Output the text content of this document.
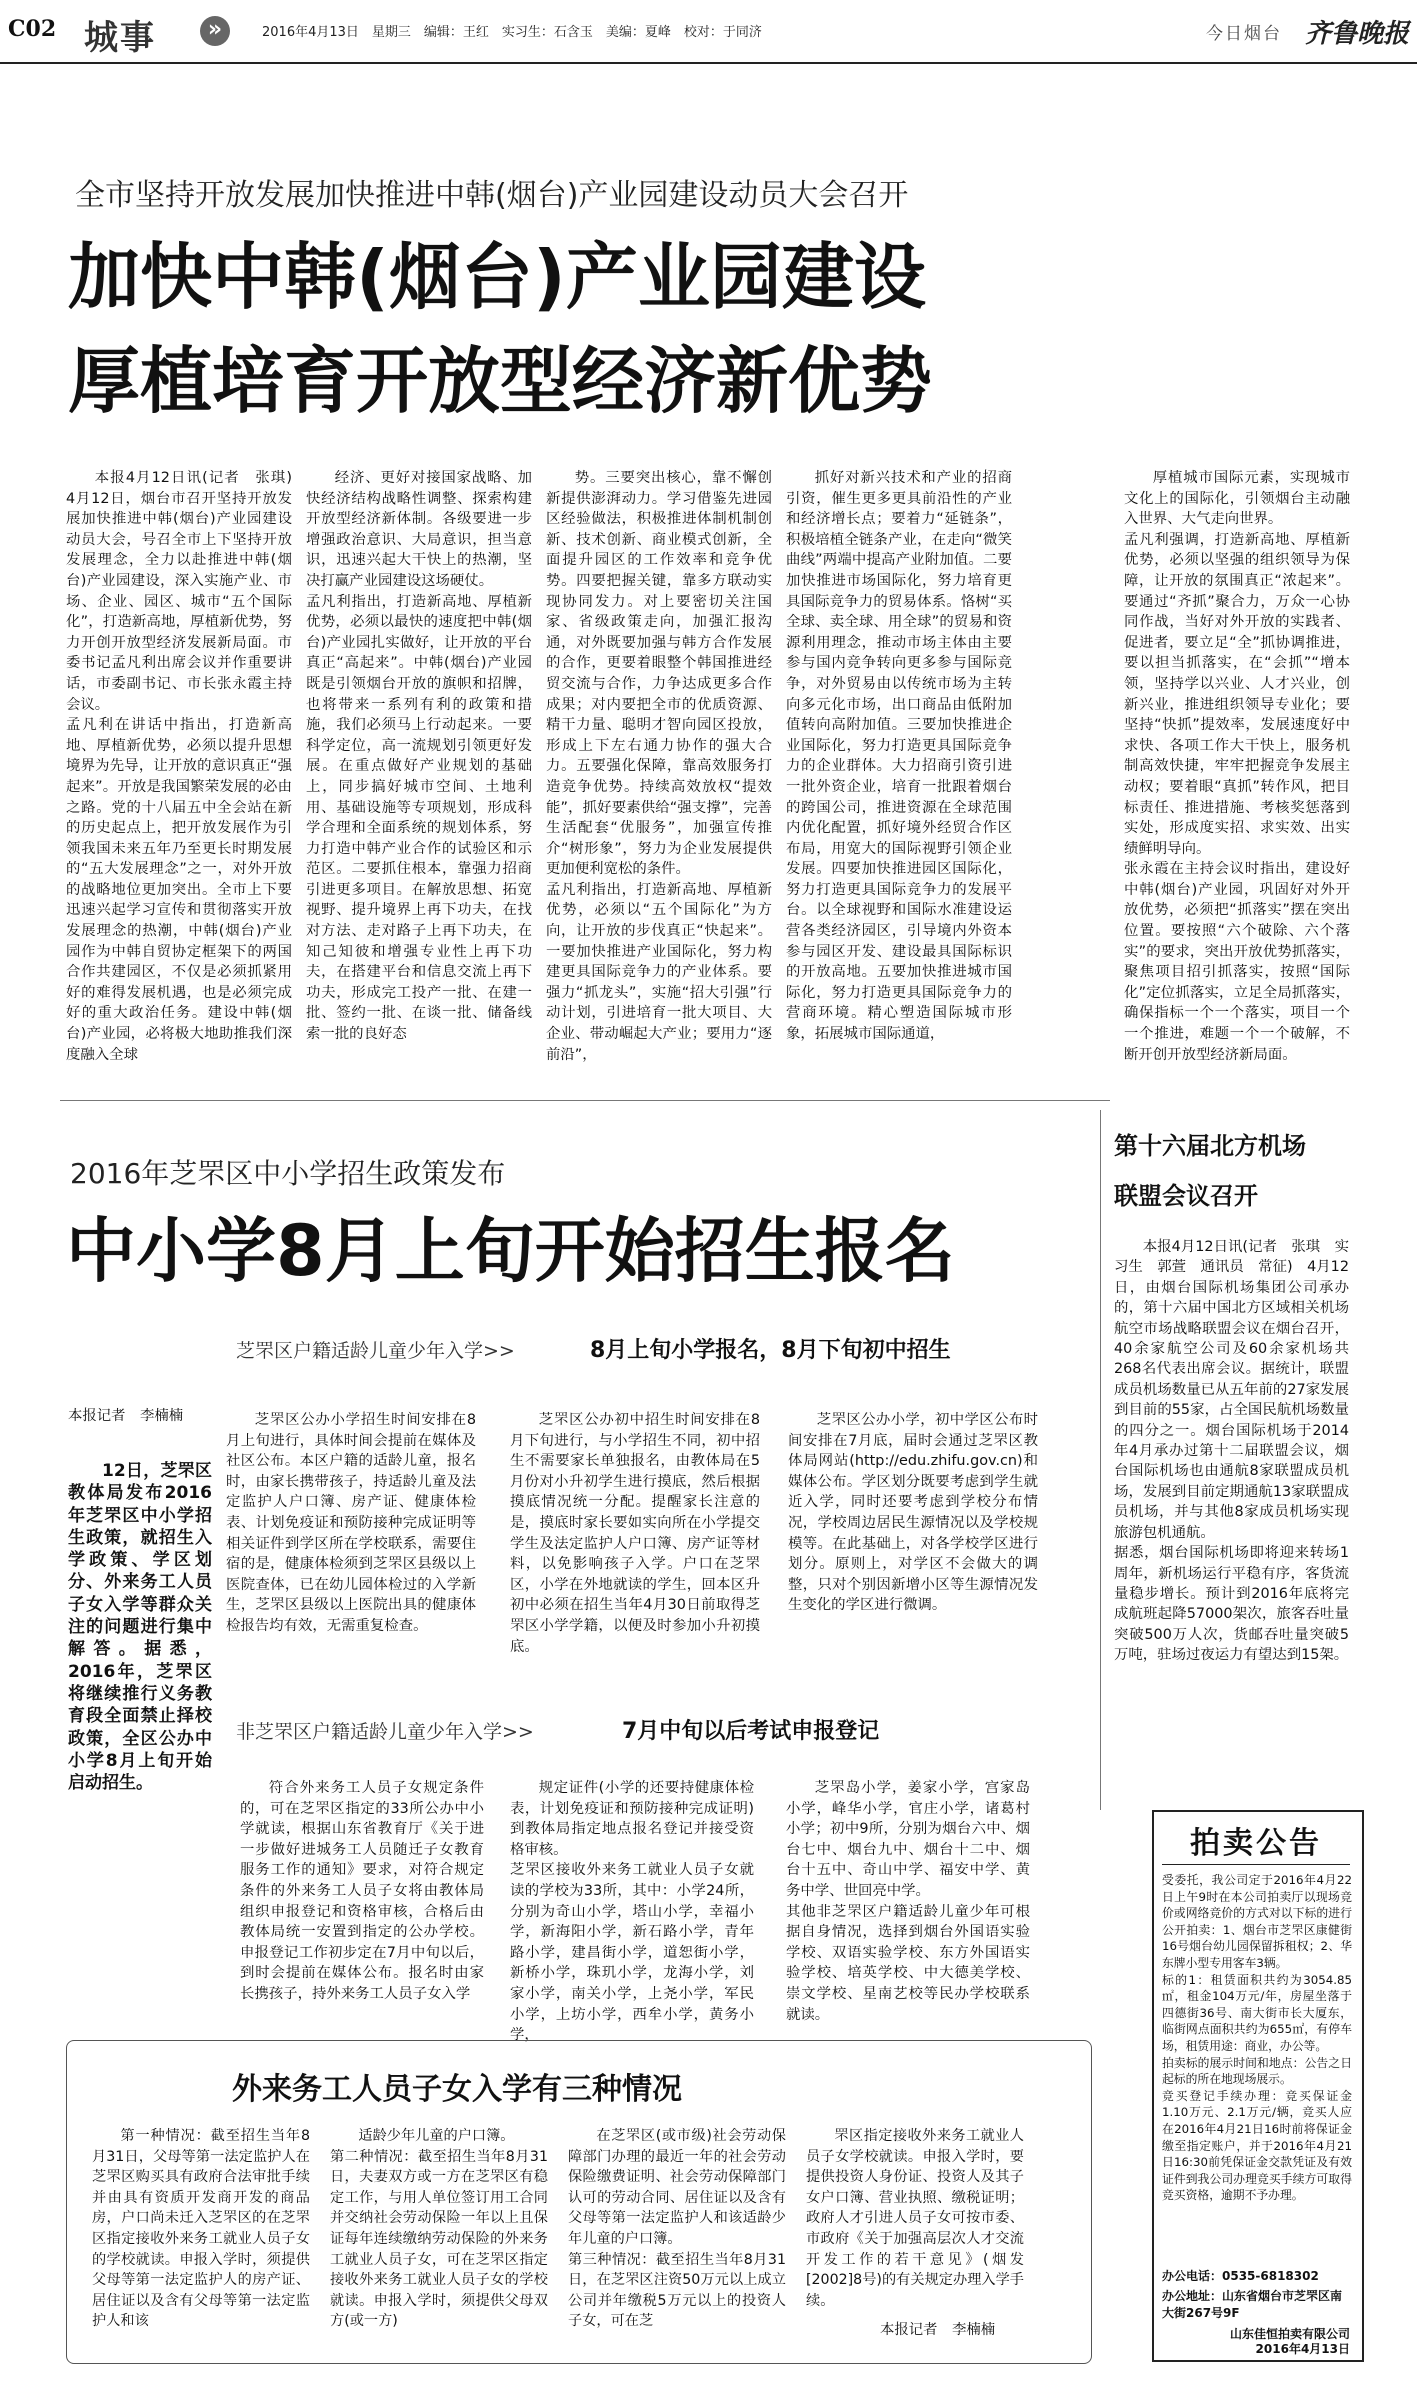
C02 城事	»	2016年4月13日　星期三　编辑：王红　实习生：石含玉　美编：夏峰　校对：于同济	今日烟台 齐鲁晚报
全市坚持开放发展加快推进中韩(烟台)产业园建设动员大会召开
加快中韩(烟台)产业园建设
厚植培育开放型经济新优势

本报4月12日讯(记者　张琪)　4月12日，烟台市召开坚持开放发展加快推进中韩(烟台)产业园建设动员大会，号召全市上下坚持开放发展理念，全力以赴推进中韩(烟台)产业园建设，深入实施产业、市场、企业、园区、城市“五个国际化”，打造新高地，厚植新优势，努力开创开放型经济发展新局面。市委书记孟凡利出席会议并作重要讲话，市委副书记、市长张永霞主持会议。
孟凡利在讲话中指出，打造新高地、厚植新优势，必须以提升思想境界为先导，让开放的意识真正“强起来”。开放是我国繁荣发展的必由之路。党的十八届五中全会站在新的历史起点上，把开放发展作为引领我国未来五年乃至更长时期发展的“五大发展理念”之一，对外开放的战略地位更加突出。全市上下要迅速兴起学习宣传和贯彻落实开放发展理念的热潮，中韩(烟台)产业园作为中韩自贸协定框架下的两国合作共建园区，不仅是必须抓紧用好的难得发展机遇，也是必须完成好的重大政治任务。建设中韩(烟台)产业园，必将极大地助推我们深度融入全球

经济、更好对接国家战略、加快经济结构战略性调整、探索构建开放型经济新体制。各级要进一步增强政治意识、大局意识，担当意识，迅速兴起大干快上的热潮，坚决打赢产业园建设这场硬仗。
孟凡利指出，打造新高地、厚植新优势，必须以最快的速度把中韩(烟台)产业园扎实做好，让开放的平台真正“高起来”。中韩(烟台)产业园既是引领烟台开放的旗帜和招牌，也将带来一系列有利的政策和措施，我们必须马上行动起来。一要科学定位，高一流规划引领更好发展。在重点做好产业规划的基础上，同步搞好城市空间、土地利用、基础设施等专项规划，形成科学合理和全面系统的规划体系，努力打造中韩产业合作的试验区和示范区。二要抓住根本，靠强力招商引进更多项目。在解放思想、拓宽视野、提升境界上再下功夫，在找对方法、走对路子上再下功夫，在知己知彼和增强专业性上再下功夫，在搭建平台和信息交流上再下功夫，形成完工投产一批、在建一批、签约一批、在谈一批、储备线索一批的良好态

势。三要突出核心，靠不懈创新提供澎湃动力。学习借鉴先进园区经验做法，积极推进体制机制创新、技术创新、商业模式创新，全面提升园区的工作效率和竞争优势。四要把握关键，靠多方联动实现协同发力。对上要密切关注国家、省级政策走向，加强汇报沟通，对外既要加强与韩方合作发展的合作，更要着眼整个韩国推进经贸交流与合作，力争达成更多合作成果；对内要把全市的优质资源、精干力量、聪明才智向园区投放，形成上下左右通力协作的强大合力。五要强化保障，靠高效服务打造竞争优势。持续高效放权“提效能”，抓好要素供给“强支撑”，完善生活配套“优服务”，加强宣传推介“树形象”，努力为企业发展提供更加便利宽松的条件。
孟凡利指出，打造新高地、厚植新优势，必须以“五个国际化”为方向，让开放的步伐真正“快起来”。一要加快推进产业国际化，努力构建更具国际竞争力的产业体系。要强力“抓龙头”，实施“招大引强”行动计划，引进培育一批大项目、大企业、带动崛起大产业；要用力“逐前沿”，

抓好对新兴技术和产业的招商引资，催生更多更具前沿性的产业和经济增长点；要着力“延链条”，积极培植全链条产业，在走向“微笑曲线”两端中提高产业附加值。二要加快推进市场国际化，努力培育更具国际竞争力的贸易体系。恪树“买全球、卖全球、用全球”的贸易和资源利用理念，推动市场主体由主要参与国内竞争转向更多参与国际竞争，对外贸易由以传统市场为主转向多元化市场，出口商品由低附加值转向高附加值。三要加快推进企业国际化，努力打造更具国际竞争力的企业群体。大力招商引资引进一批外资企业，培育一批跟着烟台的跨国公司，推进资源在全球范围内优化配置，抓好境外经贸合作区布局，用宽大的国际视野引领企业发展。四要加快推进园区国际化，努力打造更具国际竞争力的发展平台。以全球视野和国际水准建设运营各类经济园区，引导境内外资本参与园区开发、建设最具国际标识的开放高地。五要加快推进城市国际化，努力打造更具国际竞争力的营商环境。精心塑造国际城市形象，拓展城市国际通道，

厚植城市国际元素，实现城市文化上的国际化，引领烟台主动融入世界、大气走向世界。
孟凡利强调，打造新高地、厚植新优势，必须以坚强的组织领导为保障，让开放的氛围真正“浓起来”。要通过“齐抓”聚合力，万众一心协同作战，当好对外开放的实践者、促进者，要立足“全”抓协调推进，要以担当抓落实，在“会抓”“增本领，坚持学以兴业、人才兴业，创新兴业，推进组织领导专业化；要坚持“快抓”提效率，发展速度好中求快、各项工作大干快上，服务机制高效快捷，牢牢把握竞争发展主动权；要着眼“真抓”转作风，把目标责任、推进措施、考核奖惩落到实处，形成度实招、求实效、出实绩鲜明导向。
张永霞在主持会议时指出，建设好中韩(烟台)产业园，巩固好对外开放优势，必须把“抓落实”摆在突出位置。要按照“六个破除、六个落实”的要求，突出开放优势抓落实，聚焦项目招引抓落实，按照“国际化”定位抓落实，立足全局抓落实，确保指标一个一个落实，项目一个一个推进，难题一个一个破解，不断开创开放型经济新局面。

第十六届北方机场
联盟会议召开

本报4月12日讯(记者　张琪　实习生　郭萱　通讯员　常征)　4月12日，由烟台国际机场集团公司承办的，第十六届中国北方区域相关机场航空市场战略联盟会议在烟台召开，40余家航空公司及60余家机场共268名代表出席会议。据统计，联盟成员机场数量已从五年前的27家发展到目前的55家，占全国民航机场数量的四分之一。烟台国际机场于2014年4月承办过第十二届联盟会议，烟台国际机场也由通航8家联盟成员机场，发展到目前定期通航13家联盟成员机场，并与其他8家成员机场实现旅游包机通航。
据悉，烟台国际机场即将迎来转场1周年，新机场运行平稳有序，客货流量稳步增长。预计到2016年底将完成航班起降57000架次，旅客吞吐量突破500万人次，货邮吞吐量突破5万吨，驻场过夜运力有望达到15架。

2016年芝罘区中小学招生政策发布
中小学8月上旬开始招生报名
芝罘区户籍适龄儿童少年入学>>	8月上旬小学报名，8月下旬初中招生
本报记者　李楠楠
12日，芝罘区教体局发布2016年芝罘区中小学招生政策，就招生入学政策、学区划分、外来务工人员子女入学等群众关注的问题进行集中解答。据悉，2016年，芝罘区将继续推行义务教育段全面禁止择校政策，全区公办中小学8月上旬开始启动招生。

芝罘区公办小学招生时间安排在8月上旬进行，具体时间会提前在媒体及社区公布。本区户籍的适龄儿童，报名时，由家长携带孩子，持适龄儿童及法定监护人户口簿、房产证、健康体检表、计划免疫证和预防接种完成证明等相关证件到学区所在学校联系，需要住宿的是，健康体检须到芝罘区县级以上医院查体，已在幼儿园体检过的入学新生，芝罘区县级以上医院出具的健康体检报告均有效，无需重复检查。

芝罘区公办初中招生时间安排在8月下旬进行，与小学招生不同，初中招生不需要家长单独报名，由教体局在5月份对小升初学生进行摸底，然后根据摸底情况统一分配。提醒家长注意的是，摸底时家长要如实向所在小学提交学生及法定监护人户口簿、房产证等材料，以免影响孩子入学。户口在芝罘区，小学在外地就读的学生，回本区升初中必须在招生当年4月30日前取得芝罘区小学学籍，以便及时参加小升初摸底。

芝罘区公办小学，初中学区公布时间安排在7月底，届时会通过芝罘区教体局网站(http://edu.zhifu.gov.cn)和媒体公布。学区划分既要考虑到学生就近入学，同时还要考虑到学校分布情况，学校周边居民生源情况以及学校规模等。在此基础上，对各学校学区进行划分。原则上，对学区不会做大的调整，只对个别因新增小区等生源情况发生变化的学区进行微调。

非芝罘区户籍适龄儿童少年入学>>	7月中旬以后考试申报登记

符合外来务工人员子女规定条件的，可在芝罘区指定的33所公办中小学就读，根据山东省教育厅《关于进一步做好进城务工人员随迁子女教育服务工作的通知》要求，对符合规定条件的外来务工人员子女将由教体局组织申报登记和资格审核，合格后由教体局统一安置到指定的公办学校。申报登记工作初步定在7月中旬以后，到时会提前在媒体公布。报名时由家长携孩子，持外来务工人员子女入学

规定证件(小学的还要持健康体检表，计划免疫证和预防接种完成证明)到教体局指定地点报名登记并接受资格审核。
芝罘区接收外来务工就业人员子女就读的学校为33所，其中：小学24所，分别为奇山小学，塔山小学，幸福小学，新海阳小学，新石路小学，青年路小学，建昌街小学，道恕街小学，新桥小学，珠玑小学，龙海小学，刘家小学，南关小学，上尧小学，军民小学，上坊小学，西牟小学，黄务小学，

芝罘岛小学，姜家小学，宫家岛小学，峰华小学，官庄小学，诸葛村小学；初中9所，分别为烟台六中、烟台七中、烟台九中、烟台十二中、烟台十五中、奇山中学、福安中学、黄务中学、世回亮中学。
其他非芝罘区户籍适龄儿童少年可根据自身情况，选择到烟台外国语实验学校、双语实验学校、东方外国语实验学校、培英学校、中大德美学校、崇文学校、星南艺校等民办学校联系就读。

外来务工人员子女入学有三种情况

第一种情况：截至招生当年8月31日，父母等第一法定监护人在芝罘区购买具有政府合法审批手续并由具有资质开发商开发的商品房，户口尚未迁入芝罘区的在芝罘区指定接收外来务工就业人员子女的学校就读。申报入学时，须提供父母等第一法定监护人的房产证、居住证以及含有父母等第一法定监护人和该

适龄少年儿童的户口簿。
第二种情况：截至招生当年8月31日，夫妻双方或一方在芝罘区有稳定工作，与用人单位签订用工合同并交纳社会劳动保险一年以上且保证每年连续缴纳劳动保险的外来务工就业人员子女，可在芝罘区指定接收外来务工就业人员子女的学校就读。申报入学时，须提供父母双方(或一方)

在芝罘区(或市级)社会劳动保障部门办理的最近一年的社会劳动保险缴费证明、社会劳动保障部门认可的劳动合同、居住证以及含有父母等第一法定监护人和该适龄少年儿童的户口簿。
第三种情况：截至招生当年8月31日，在芝罘区注资50万元以上成立公司并年缴税5万元以上的投资人子女，可在芝

罘区指定接收外来务工就业人员子女学校就读。申报入学时，要提供投资人身份证、投资人及其子女户口簿、营业执照、缴税证明；政府人才引进人员子女可按市委、市政府《关于加强高层次人才交流开发工作的若干意见》(烟发[2002]8号)的有关规定办理入学手续。

本报记者　李楠楠
拍卖公告
受委托，我公司定于2016年4月22日上午9时在本公司拍卖厅以现场竞价或网络竞价的方式对以下标的进行公开拍卖：1、烟台市芝罘区康健街16号烟台幼儿园保留拆租权；2、华东牌小型专用客车3辆。
标的1：租赁面积共约为3054.85㎡，租金104万元/年，房屋坐落于四德街36号、南大街市长大厦东，临街网点面积共约为655㎡，有停车场，租赁用途：商业，办公等。
拍卖标的展示时间和地点：公告之日起标的所在地现场展示。
竞买登记手续办理：竞买保证金1.10万元、2.1万元/辆，竞买人应在2016年4月21日16时前将保证金缴至指定账户，并于2016年4月21日16:30前凭保证金交款凭证及有效证件到我公司办理竞买手续方可取得竞买资格，逾期不予办理。
办公电话：0535-6818302
办公地址：山东省烟台市芝罘区南大街267号9F
山东佳恒拍卖有限公司
2016年4月13日
